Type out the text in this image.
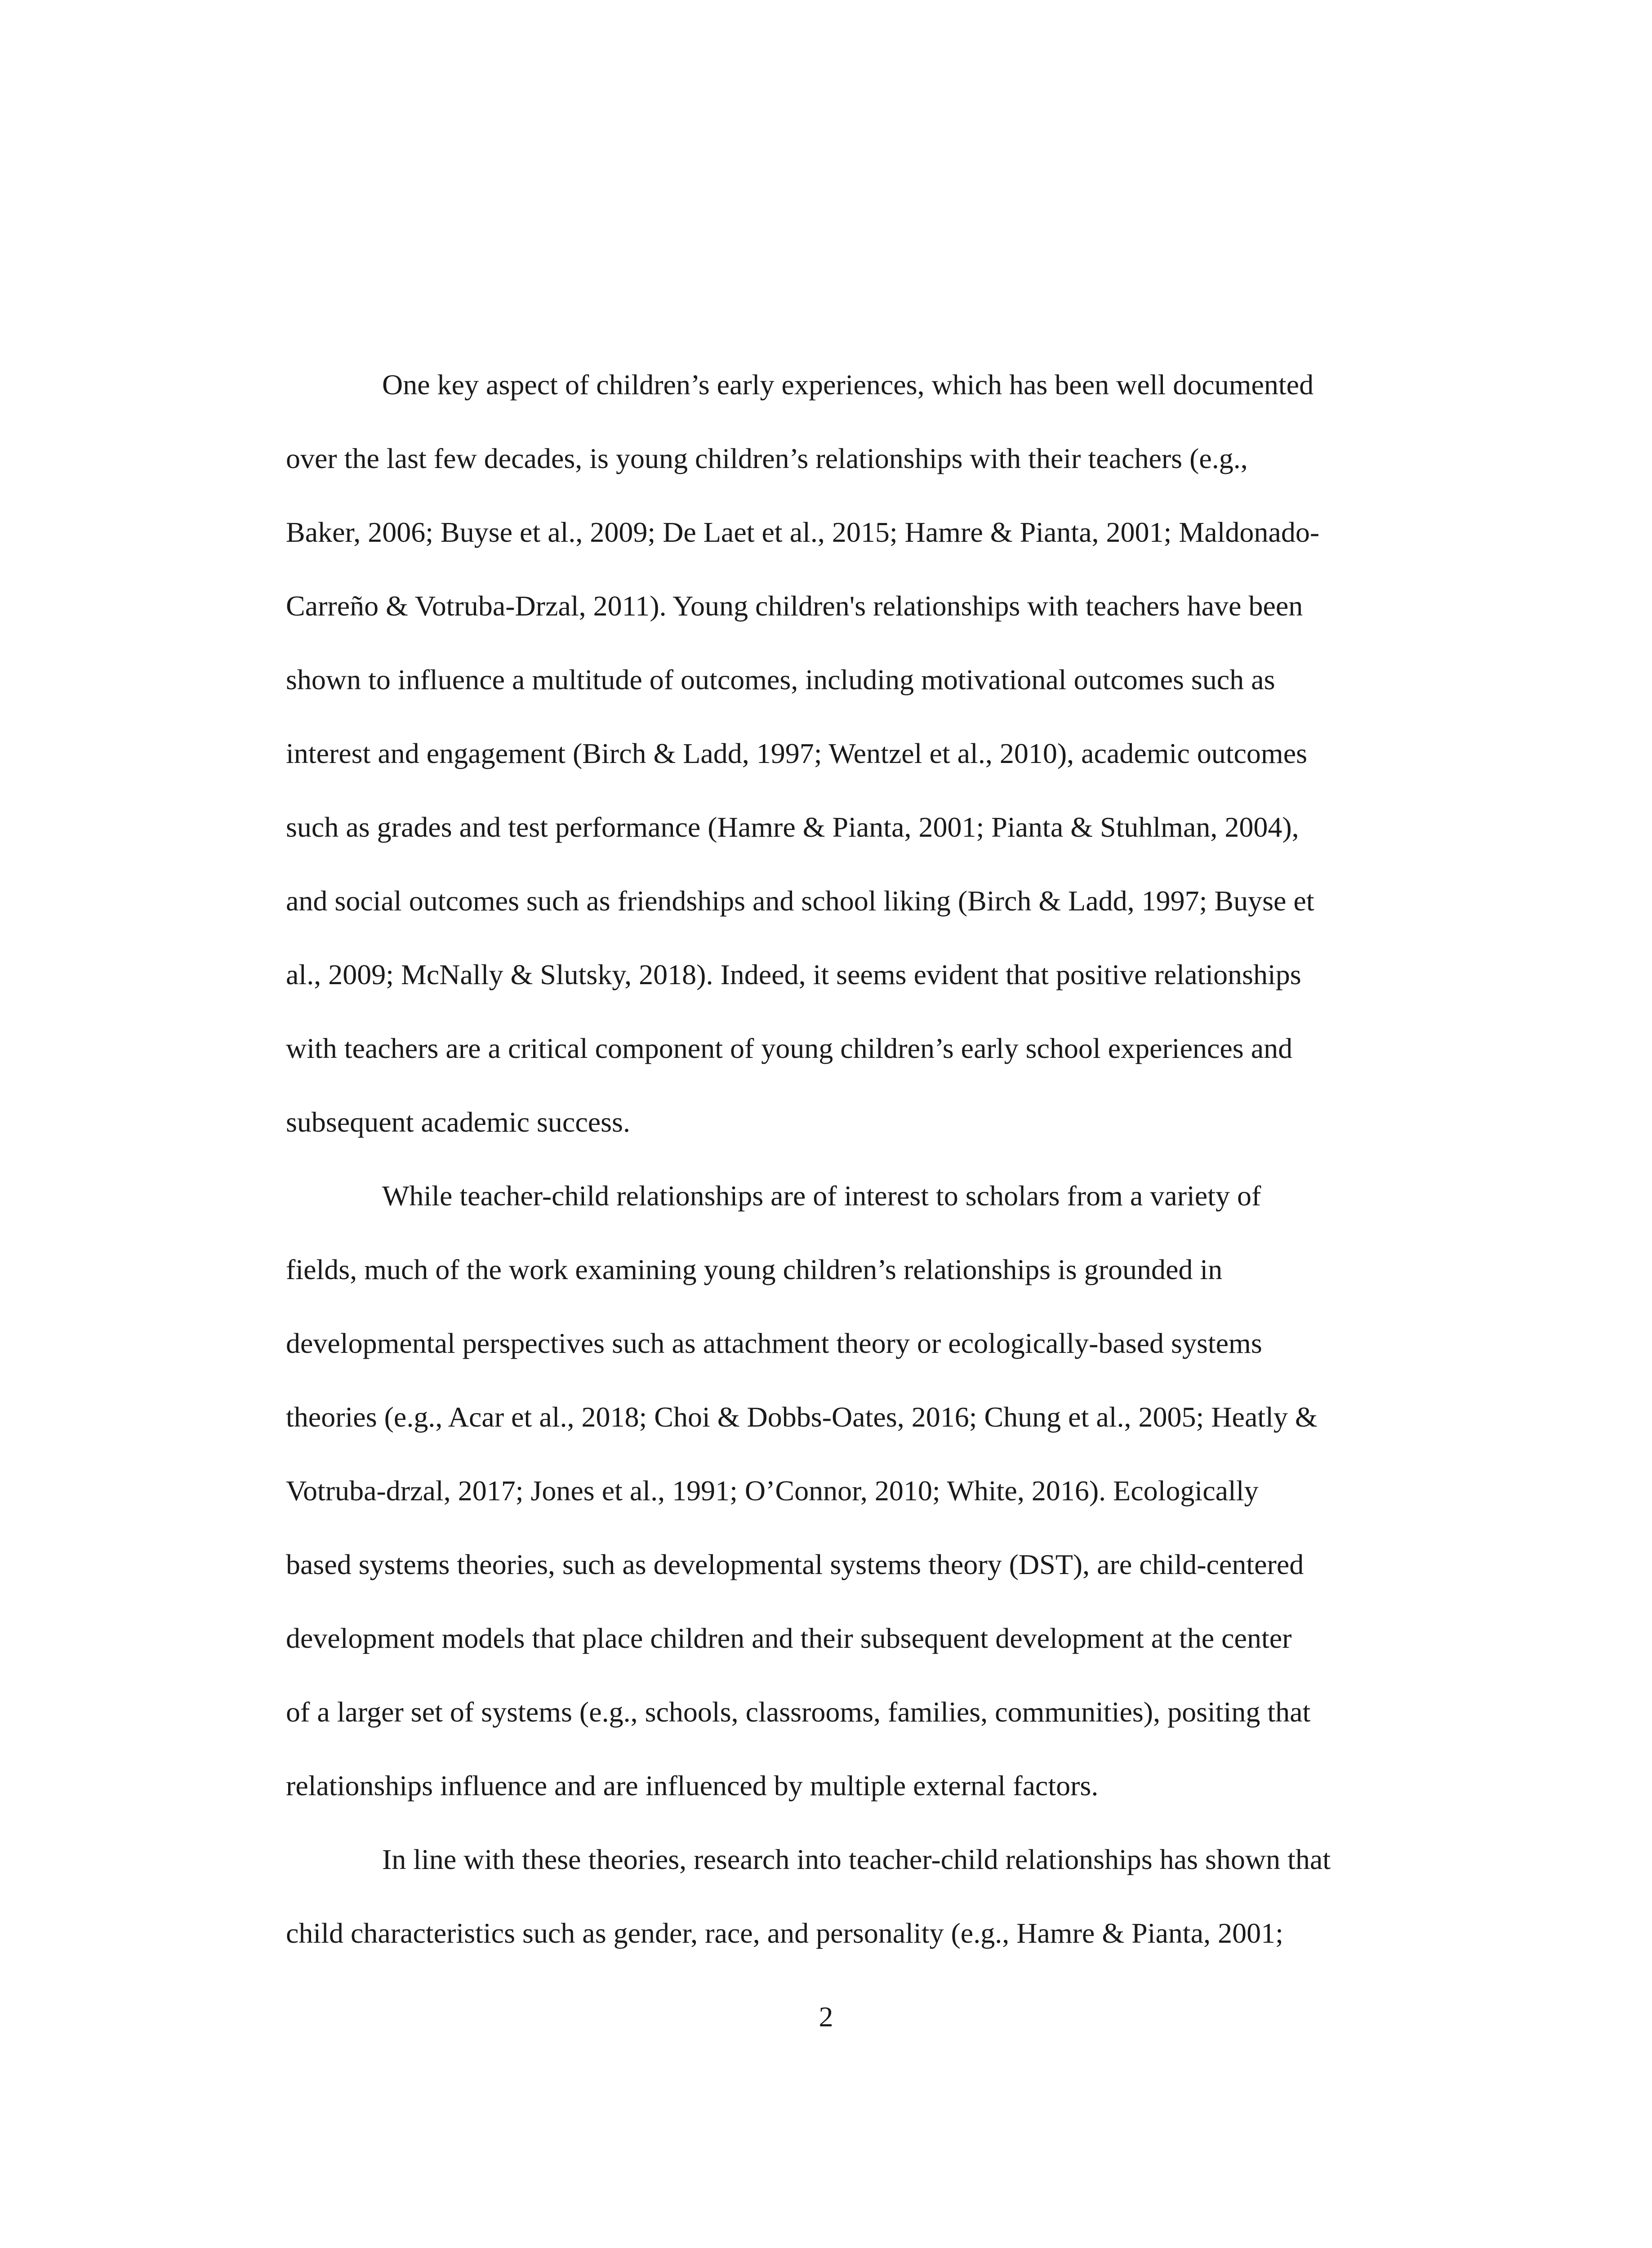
One key aspect of children’s early experiences, which has been well documented
over the last few decades, is young children’s relationships with their teachers (e.g.,
Baker, 2006; Buyse et al., 2009; De Laet et al., 2015; Hamre & Pianta, 2001; Maldonado-
Carreño & Votruba-Drzal, 2011). Young children's relationships with teachers have been
shown to influence a multitude of outcomes, including motivational outcomes such as
interest and engagement (Birch & Ladd, 1997; Wentzel et al., 2010), academic outcomes
such as grades and test performance (Hamre & Pianta, 2001; Pianta & Stuhlman, 2004),
and social outcomes such as friendships and school liking (Birch & Ladd, 1997; Buyse et
al., 2009; McNally & Slutsky, 2018). Indeed, it seems evident that positive relationships
with teachers are a critical component of young children’s early school experiences and
subsequent academic success.
While teacher-child relationships are of interest to scholars from a variety of
fields, much of the work examining young children’s relationships is grounded in
developmental perspectives such as attachment theory or ecologically-based systems
theories (e.g., Acar et al., 2018; Choi & Dobbs-Oates, 2016; Chung et al., 2005; Heatly &
Votruba-drzal, 2017; Jones et al., 1991; O’Connor, 2010; White, 2016). Ecologically
based systems theories, such as developmental systems theory (DST), are child-centered
development models that place children and their subsequent development at the center
of a larger set of systems (e.g., schools, classrooms, families, communities), positing that
relationships influence and are influenced by multiple external factors.
In line with these theories, research into teacher-child relationships has shown that
child characteristics such as gender, race, and personality (e.g., Hamre & Pianta, 2001;
2
